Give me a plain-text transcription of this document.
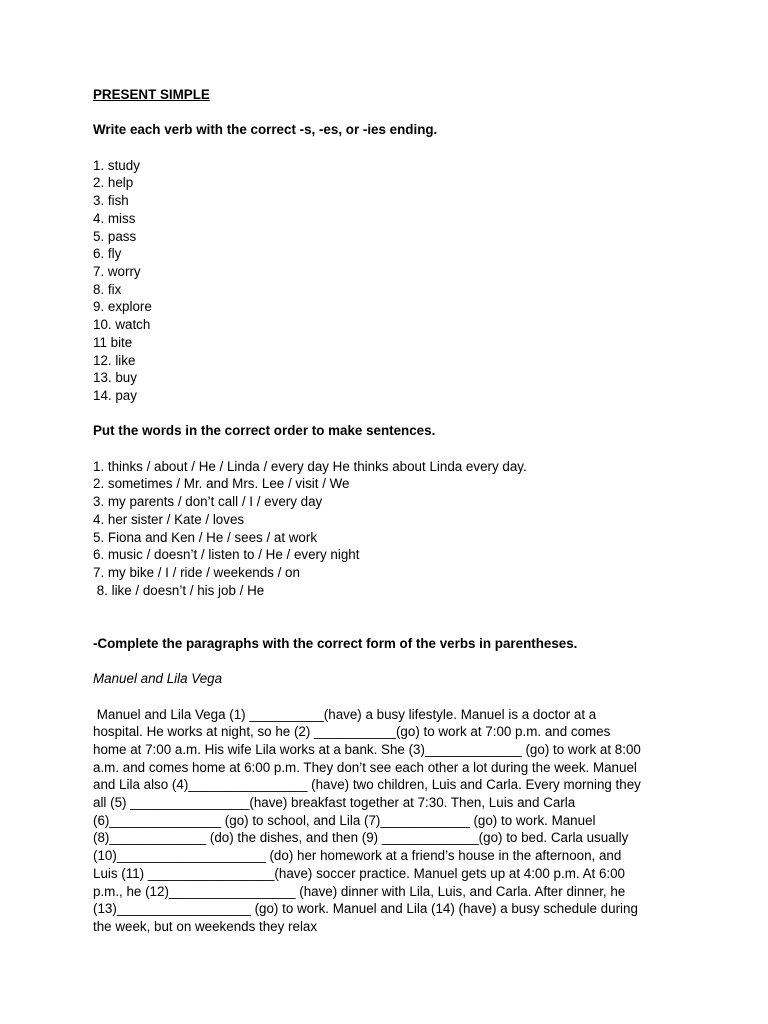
PRESENT SIMPLE

Write each verb with the correct -s, -es, or -ies ending.

1. study

2. help

3. fish

4. miss

5. pass

6. fly

7. worry

8. fix

9. explore

10. watch

11 bite

12. like

13. buy

14. pay

Put the words in the correct order to make sentences.

1. thinks / about / He / Linda / every day He thinks about Linda every day.

2. sometimes / Mr. and Mrs. Lee / visit / We

3. my parents / don’t call / I / every day

4. her sister / Kate / loves

5. Fiona and Ken / He / sees / at work

6. music / doesn’t / listen to / He / every night

7. my bike / I / ride / weekends / on

8. like / doesn’t / his job / He

-Complete the paragraphs with the correct form of the verbs in parentheses.

Manuel and Lila Vega

Manuel and Lila Vega (1) __________(have) a busy lifestyle. Manuel is a doctor at a
hospital. He works at night, so he (2) ___________(go) to work at 7:00 p.m. and comes
home at 7:00 a.m. His wife Lila works at a bank. She (3)_____________ (go) to work at 8:00
a.m. and comes home at 6:00 p.m. They don’t see each other a lot during the week. Manuel
and Lila also (4)________________ (have) two children, Luis and Carla. Every morning they
all (5) ________________(have) breakfast together at 7:30. Then, Luis and Carla
(6)_______________ (go) to school, and Lila (7)____________ (go) to work. Manuel
(8)_____________ (do) the dishes, and then (9) _____________(go) to bed. Carla usually
(10)____________________ (do) her homework at a friend’s house in the afternoon, and
Luis (11) _________________(have) soccer practice. Manuel gets up at 4:00 p.m. At 6:00
p.m., he (12)_________________ (have) dinner with Lila, Luis, and Carla. After dinner, he
(13)__________________ (go) to work. Manuel and Lila (14) (have) a busy schedule during
the week, but on weekends they relax
